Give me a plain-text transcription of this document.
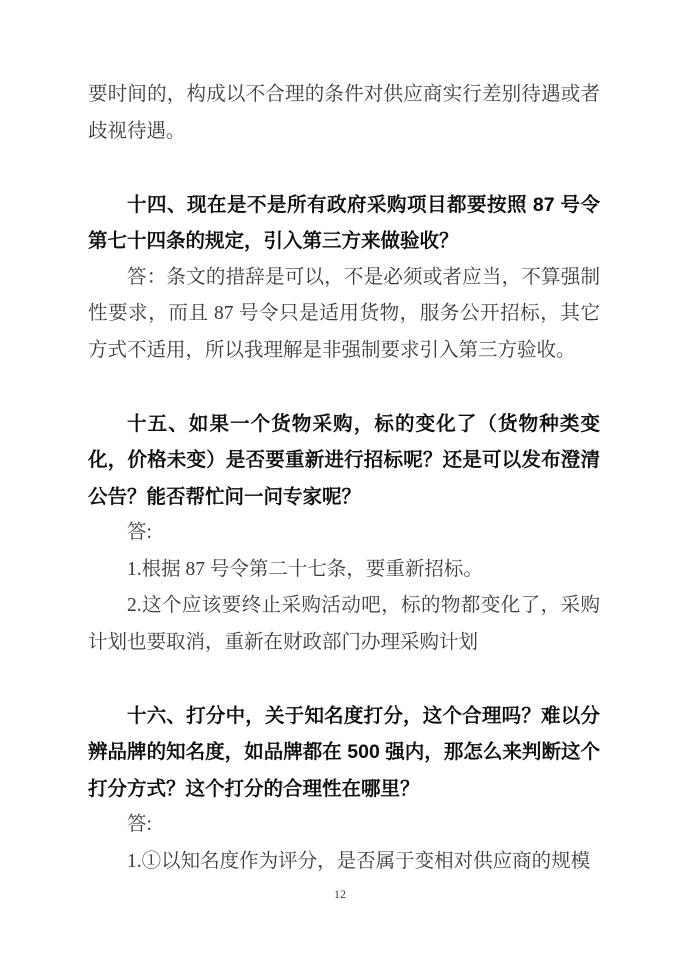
要时间的，构成以不合理的条件对供应商实行差别待遇或者歧视待遇。

十四、现在是不是所有政府采购项目都要按照 87 号令第七十四条的规定，引入第三方来做验收？

答：条文的措辞是可以，不是必须或者应当，不算强制性要求，而且 87 号令只是适用货物，服务公开招标，其它方式不适用，所以我理解是非强制要求引入第三方验收。

十五、如果一个货物采购，标的变化了（货物种类变化，价格未变）是否要重新进行招标呢？还是可以发布澄清公告？能否帮忙问一问专家呢？

答:

1.根据 87 号令第二十七条，要重新招标。

2.这个应该要终止采购活动吧，标的物都变化了，采购计划也要取消，重新在财政部门办理采购计划

十六、打分中，关于知名度打分，这个合理吗？难以分辨品牌的知名度，如品牌都在 500 强内，那怎么来判断这个打分方式？这个打分的合理性在哪里？

答:

1.①以知名度作为评分，是否属于变相对供应商的规模

12
